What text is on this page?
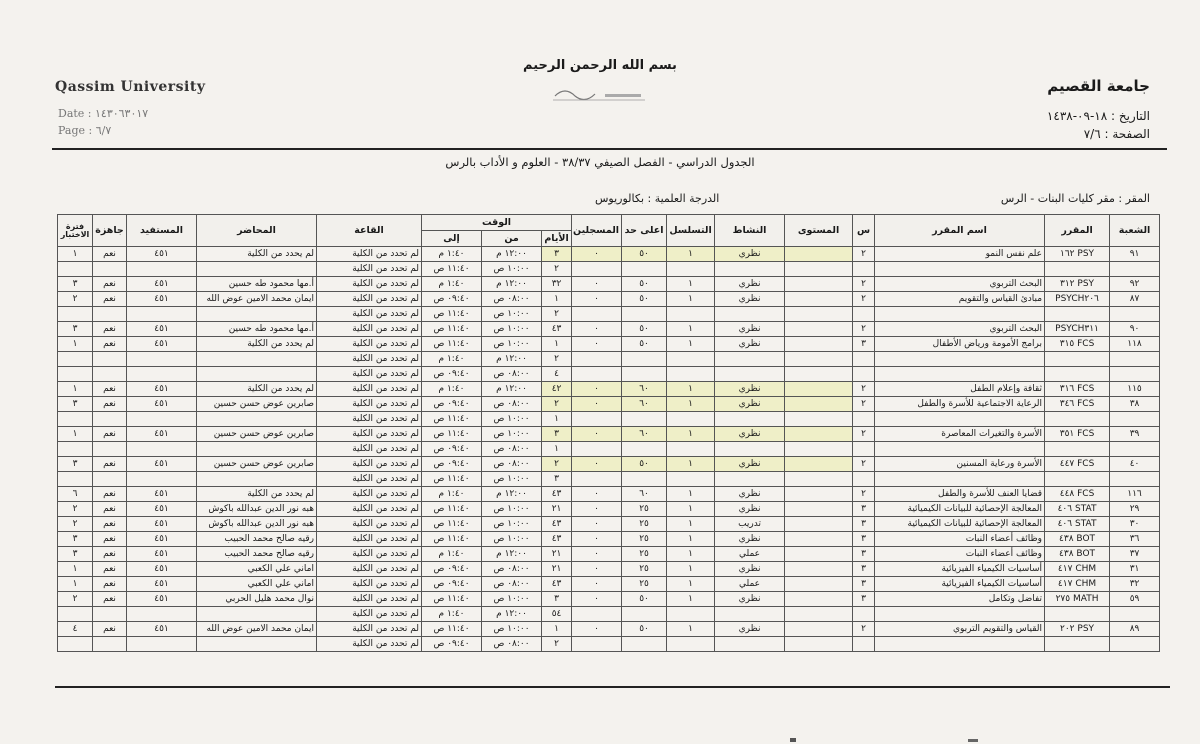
بسم الله الرحمن الرحيم
Qassim University	جامعة القصيم
Date : ١٤٣٠٦٣٠١٧
Page : ٦/٧
التاريخ : ١٨-٠٩-١٤٣٨
الصفحة : ٧/٦
الجدول الدراسي - الفصل الصيفي ٣٨/٣٧ - العلوم و الأداب بالرس
المقر : مقر كليات البنات - الرس
الدرجة العلمية : بكالوريوس
الشعبة	المقرر	اسم المقرر	س	المستوى	النشاط	التسلسل	اعلى حد	المسجلين	الوقت			القاعة	المحاضر	المستفيد	جاهزة	فترة الاختبار
									الأيام	من	إلى					
٩١	PSY ١٦٢	علم نفس النمو	٢		نظري	١	٥٠	٠	٣	١٢:٠٠ م	١:٤٠ م	لم تحدد من الكلية	لم يحدد من الكلية	٤٥١	نعم	١
									٢	١٠:٠٠ ص	١١:٤٠ ص	لم تحدد من الكلية				
٩٢	PSY ٣١٢	البحث التربوي	٢		نظري	١	٥٠	٠	٣٢	١٢:٠٠ م	١:٤٠ م	لم تحدد من الكلية	أ.مها محمود طه حسين	٤٥١	نعم	٣
٨٧	PSYCH٢٠٦	مبادئ القياس والتقويم	٢		نظري	١	٥٠	٠	١	٠٨:٠٠ ص	٠٩:٤٠ ص	لم تحدد من الكلية	ايمان محمد الامين عوض الله	٤٥١	نعم	٢
									٢	١٠:٠٠ ص	١١:٤٠ ص	لم تحدد من الكلية				
٩٠	PSYCH٣١١	البحث التربوي	٢		نظري	١	٥٠	٠	٤٣	١٠:٠٠ ص	١١:٤٠ ص	لم تحدد من الكلية	أ.مها محمود طه حسين	٤٥١	نعم	٣
١١٨	FCS ٣١٥	برامج الأمومة ورياض الأطفال	٣		نظري	١	٥٠	٠	١	١٠:٠٠ ص	١١:٤٠ ص	لم تحدد من الكلية	لم يحدد من الكلية	٤٥١	نعم	١
									٢	١٢:٠٠ م	١:٤٠ م	لم تحدد من الكلية				
									٤	٠٨:٠٠ ص	٠٩:٤٠ ص	لم تحدد من الكلية				
١١٥	FCS ٣١٦	ثقافة وإعلام الطفل	٢		نظري	١	٦٠	٠	٤٢	١٢:٠٠ م	١:٤٠ م	لم تحدد من الكلية	لم يحدد من الكلية	٤٥١	نعم	١
٣٨	FCS ٣٤٦	الرعاية الاجتماعية للأسرة والطفل	٢		نظري	١	٦٠	٠	٢	٠٨:٠٠ ص	٠٩:٤٠ ص	لم تحدد من الكلية	صابرين عوض حسن حسين	٤٥١	نعم	٣
									١	١٠:٠٠ ص	١١:٤٠ ص	لم تحدد من الكلية				
٣٩	FCS ٣٥١	الأسرة والتغيرات المعاصرة	٢		نظري	١	٦٠	٠	٣	١٠:٠٠ ص	١١:٤٠ ص	لم تحدد من الكلية	صابرين عوض حسن حسين	٤٥١	نعم	١
									١	٠٨:٠٠ ص	٠٩:٤٠ ص	لم تحدد من الكلية				
٤٠	FCS ٤٤٧	الأسرة ورعاية المسنين	٢		نظري	١	٥٠	٠	٢	٠٨:٠٠ ص	٠٩:٤٠ ص	لم تحدد من الكلية	صابرين عوض حسن حسين	٤٥١	نعم	٣
									٣	١٠:٠٠ ص	١١:٤٠ ص	لم تحدد من الكلية				
١١٦	FCS ٤٤٨	قضايا العنف للأسرة والطفل	٢		نظري	١	٦٠	٠	٤٣	١٢:٠٠ م	١:٤٠ م	لم تحدد من الكلية	لم يحدد من الكلية	٤٥١	نعم	٦
٢٩	STAT ٤٠٦	المعالجة الإحصائية للبيانات الكيميائية	٣		نظري	١	٢٥	٠	٢١	١٠:٠٠ ص	١١:٤٠ ص	لم تحدد من الكلية	هبه نور الدين عبدالله باكوش	٤٥١	نعم	٢
٣٠	STAT ٤٠٦	المعالجة الإحصائية للبيانات الكيميائية	٣		تدريب	١	٢٥	٠	٤٣	١٠:٠٠ ص	١١:٤٠ ص	لم تحدد من الكلية	هبه نور الدين عبدالله باكوش	٤٥١	نعم	٢
٣٦	BOT ٤٣٨	وظائف أعضاء النبات	٣		نظري	١	٢٥	٠	٤٣	١٠:٠٠ ص	١١:٤٠ ص	لم تحدد من الكلية	رقيه صالح محمد الحبيب	٤٥١	نعم	٣
٣٧	BOT ٤٣٨	وظائف أعضاء النبات	٣		عملي	١	٢٥	٠	٢١	١٢:٠٠ م	١:٤٠ م	لم تحدد من الكلية	رقيه صالح محمد الحبيب	٤٥١	نعم	٣
٣١	CHM ٤١٧	أساسيات الكيمياء الفيزيائية	٣		نظري	١	٢٥	٠	٢١	٠٨:٠٠ ص	٠٩:٤٠ ص	لم تحدد من الكلية	اماني علي الكعبي	٤٥١	نعم	١
٣٢	CHM ٤١٧	أساسيات الكيمياء الفيزيائية	٣		عملي	١	٢٥	٠	٤٣	٠٨:٠٠ ص	٠٩:٤٠ ص	لم تحدد من الكلية	اماني علي الكعبي	٤٥١	نعم	١
٥٩	MATH ٢٧٥	تفاضل وتكامل	٣		نظري	١	٥٠	٠	٣	١٠:٠٠ ص	١١:٤٠ ص	لم تحدد من الكلية	نوال محمد هليل الحربي	٤٥١	نعم	٢
									٥٤	١٢:٠٠ م	١:٤٠ م	لم تحدد من الكلية				
٨٩	PSY ٢٠٢	القياس والتقويم التربوي	٢		نظري	١	٥٠	٠	١	١٠:٠٠ ص	١١:٤٠ ص	لم تحدد من الكلية	ايمان محمد الامين عوض الله	٤٥١	نعم	٤
									٢	٠٨:٠٠ ص	٠٩:٤٠ ص	لم تحدد من الكلية				
